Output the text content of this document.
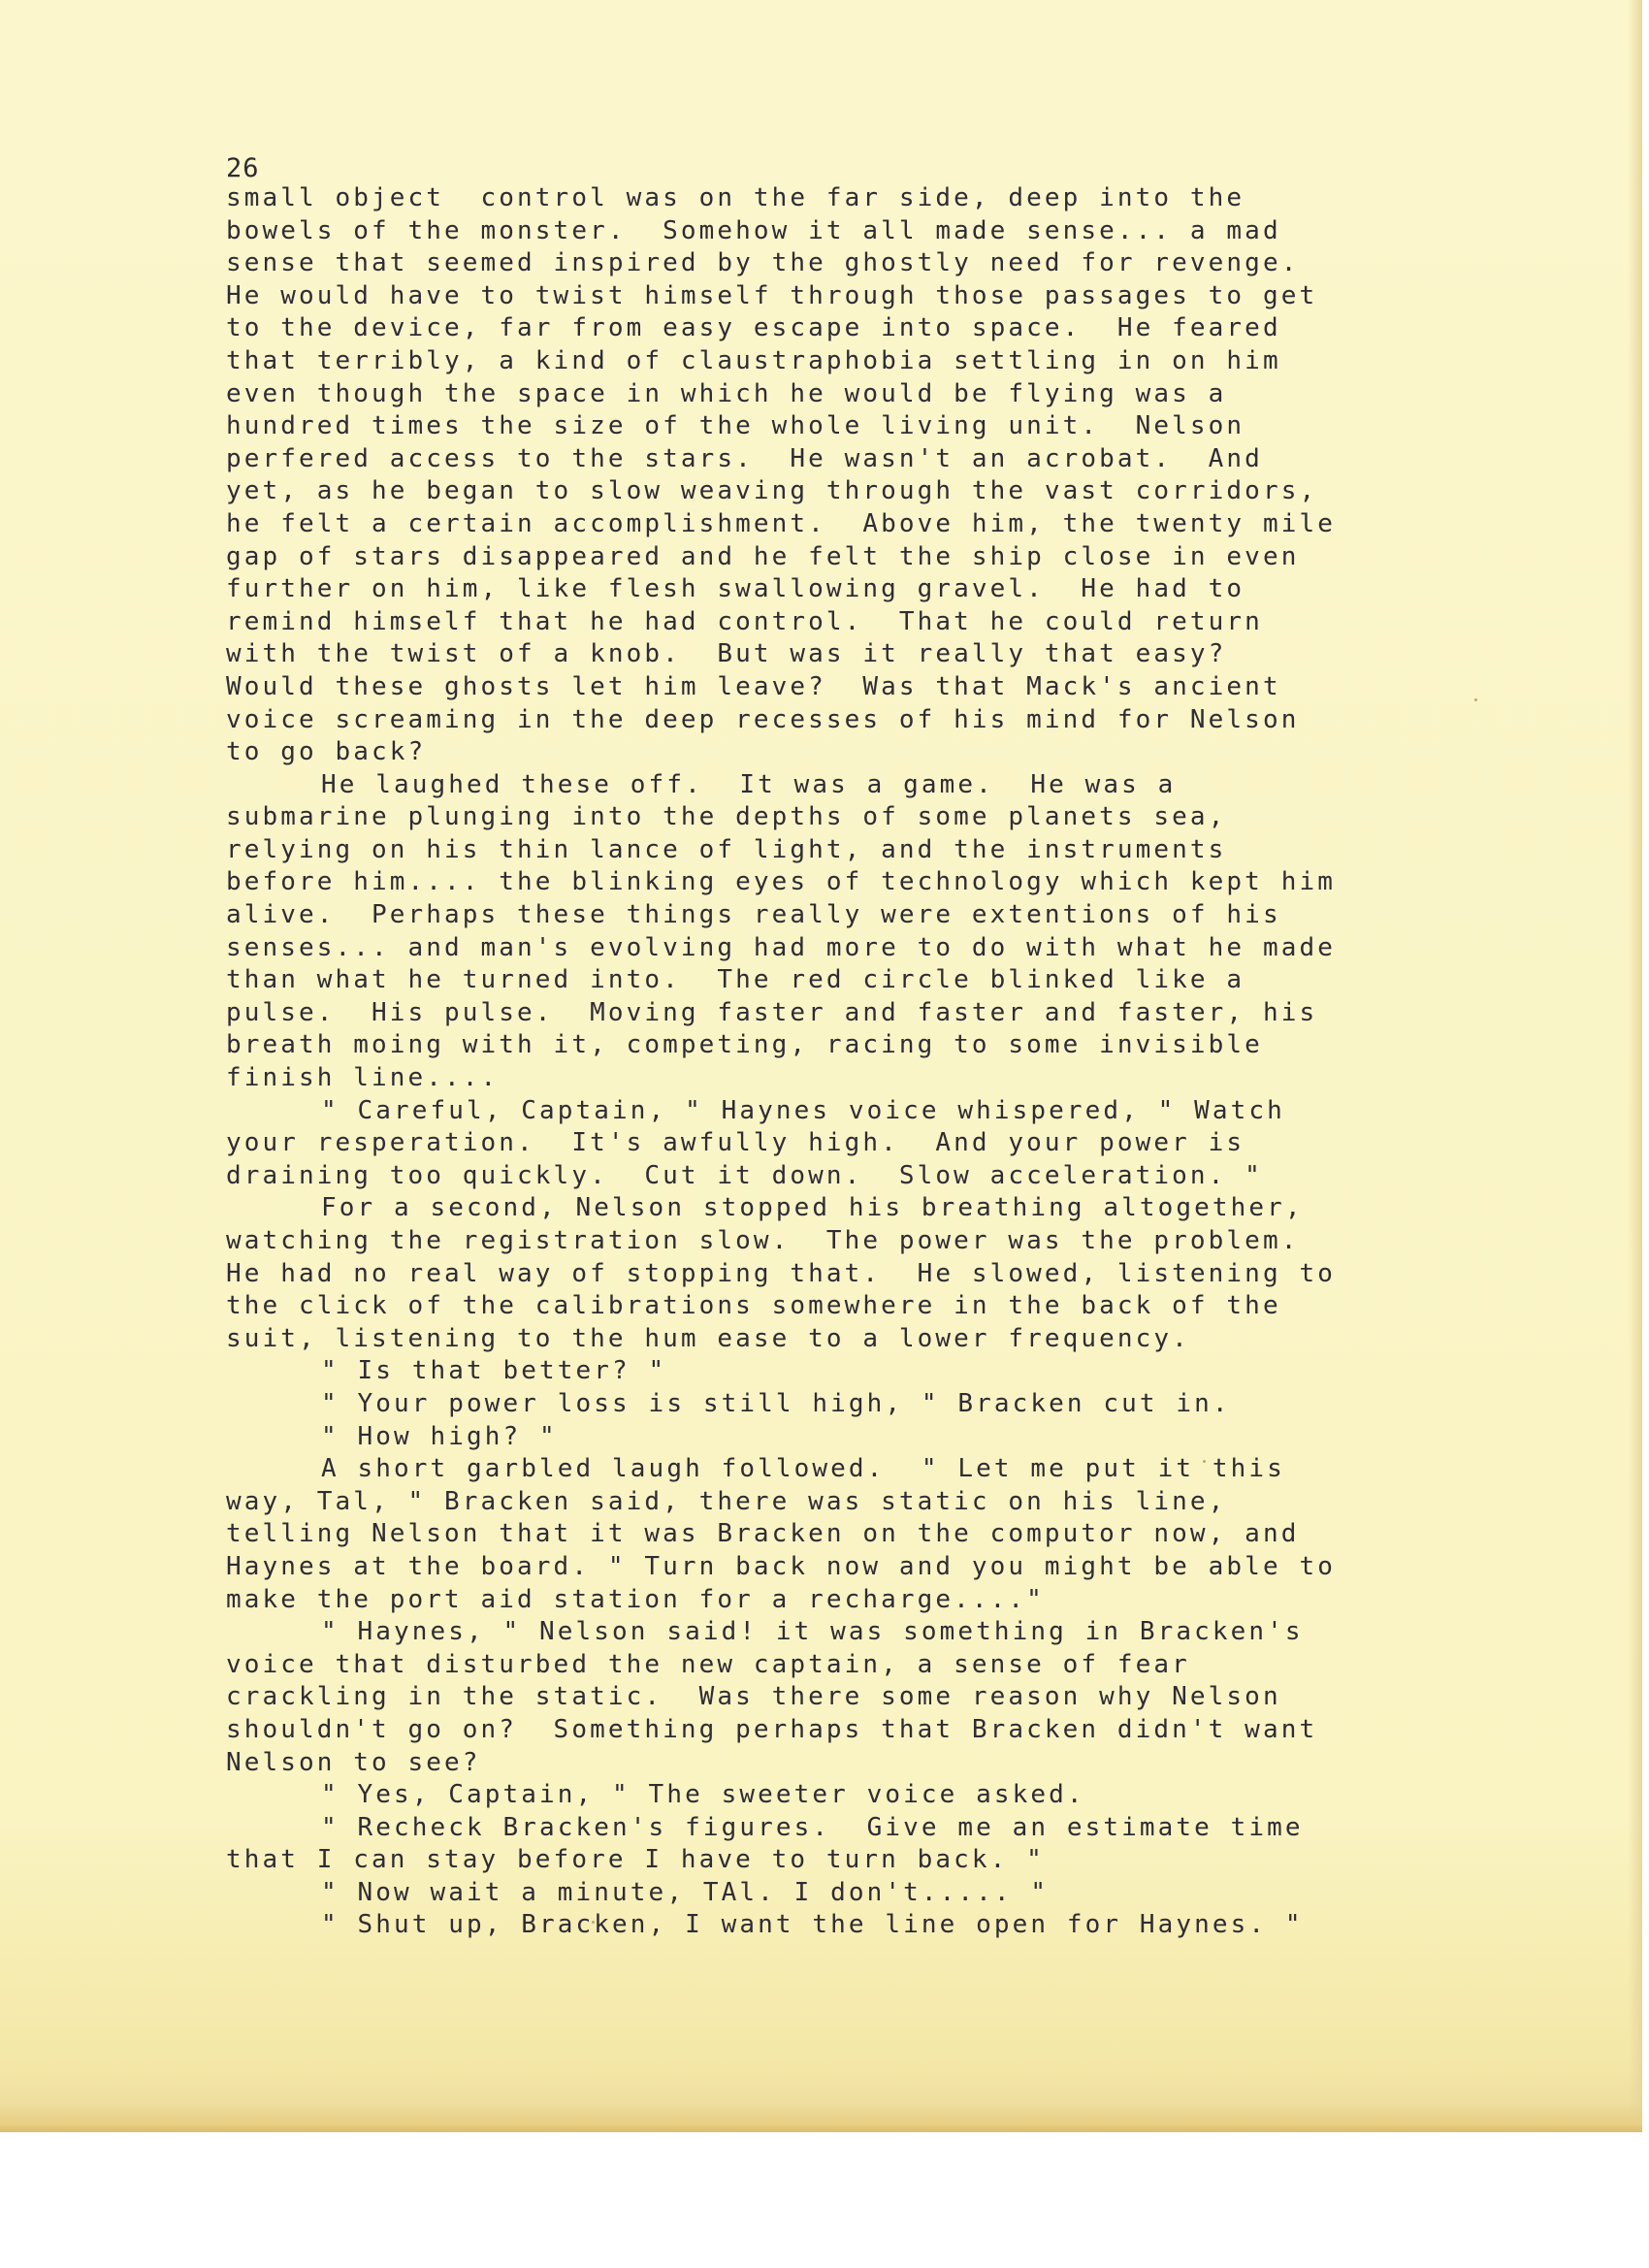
26
small object  control was on the far side, deep into the
bowels of the monster.  Somehow it all made sense... a mad
sense that seemed inspired by the ghostly need for revenge.
He would have to twist himself through those passages to get
to the device, far from easy escape into space.  He feared
that terribly, a kind of claustraphobia settling in on him
even though the space in which he would be flying was a
hundred times the size of the whole living unit.  Nelson
perfered access to the stars.  He wasn't an acrobat.  And
yet, as he began to slow weaving through the vast corridors,
he felt a certain accomplishment.  Above him, the twenty mile
gap of stars disappeared and he felt the ship close in even
further on him, like flesh swallowing gravel.  He had to
remind himself that he had control.  That he could return
with the twist of a knob.  But was it really that easy?
Would these ghosts let him leave?  Was that Mack's ancient
voice screaming in the deep recesses of his mind for Nelson
to go back?
He laughed these off.  It was a game.  He was a
submarine plunging into the depths of some planets sea,
relying on his thin lance of light, and the instruments
before him.... the blinking eyes of technology which kept him
alive.  Perhaps these things really were extentions of his
senses... and man's evolving had more to do with what he made
than what he turned into.  The red circle blinked like a
pulse.  His pulse.  Moving faster and faster and faster, his
breath moing with it, competing, racing to some invisible
finish line....
" Careful, Captain, " Haynes voice whispered, " Watch
your resperation.  It's awfully high.  And your power is
draining too quickly.  Cut it down.  Slow acceleration. "
For a second, Nelson stopped his breathing altogether,
watching the registration slow.  The power was the problem.
He had no real way of stopping that.  He slowed, listening to
the click of the calibrations somewhere in the back of the
suit, listening to the hum ease to a lower frequency.
" Is that better? "
" Your power loss is still high, " Bracken cut in.
" How high? "
A short garbled laugh followed.  " Let me put it this
way, Tal, " Bracken said, there was static on his line,
telling Nelson that it was Bracken on the computor now, and
Haynes at the board. " Turn back now and you might be able to
make the port aid station for a recharge...."
" Haynes, " Nelson said! it was something in Bracken's
voice that disturbed the new captain, a sense of fear
crackling in the static.  Was there some reason why Nelson
shouldn't go on?  Something perhaps that Bracken didn't want
Nelson to see?
" Yes, Captain, " The sweeter voice asked.
" Recheck Bracken's figures.  Give me an estimate time
that I can stay before I have to turn back. "
" Now wait a minute, TAl. I don't..... "
" Shut up, Bracken, I want the line open for Haynes. "
